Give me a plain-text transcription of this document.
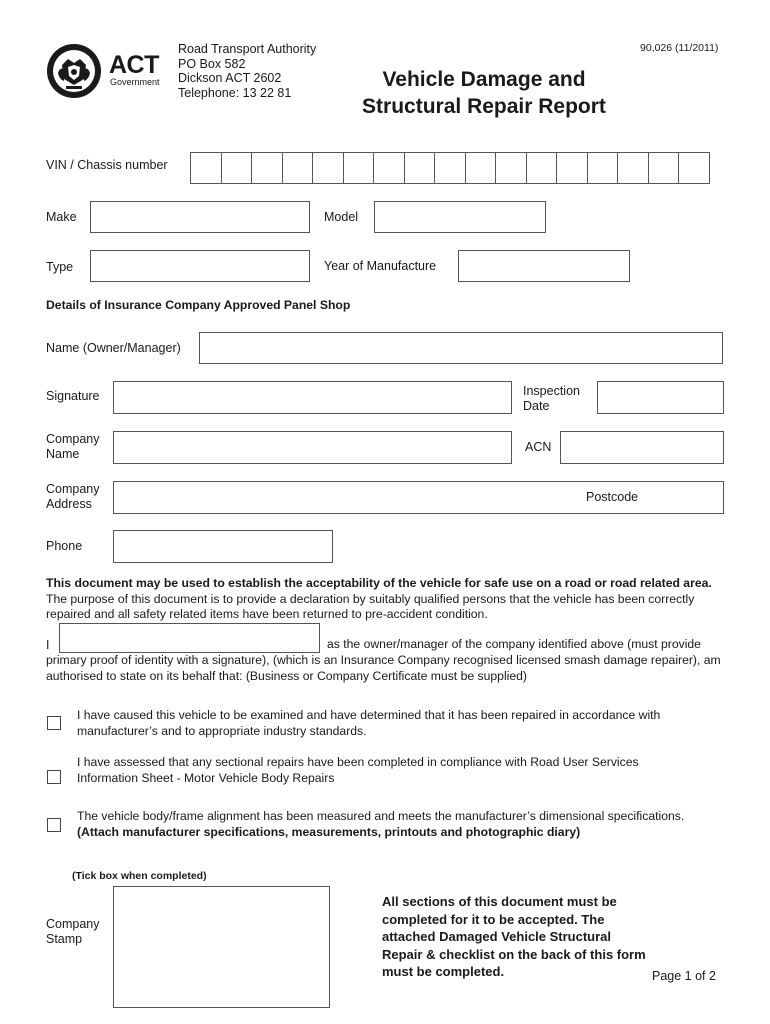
ACT
Government
Road Transport Authority
PO Box 582
Dickson ACT 2602
Telephone: 13 22 81
90,026 (11/2011)
Vehicle Damage and
Structural Repair Report
VIN / Chassis number
Make	Model
Type	Year of Manufacture
Details of Insurance Company Approved Panel Shop
Name (Owner/Manager)
Signature	Inspection
Date
Company
Name	ACN
Company
Address	Postcode
Phone
This document may be used to establish the acceptability of the vehicle for safe use on a road or road related area. The purpose of this document is to provide a declaration by suitably qualified persons that the vehicle has been correctly repaired and all safety related items have been returned to pre-accident condition.
I	as the owner/manager of the company identified above (must provide
primary proof of identity with a signature), (which is an Insurance Company recognised licensed smash damage repairer), am authorised to state on its behalf that: (Business or Company Certificate must be supplied)
I have caused this vehicle to be examined and have determined that it has been repaired in accordance with manufacturer’s and to appropriate industry standards.
I have assessed that any sectional repairs have been completed in compliance with Road User Services Information Sheet - Motor Vehicle Body Repairs
The vehicle body/frame alignment has been measured and meets the manufacturer’s dimensional specifications.
(Attach manufacturer specifications, measurements, printouts and photographic diary)
(Tick box when completed)
Company
Stamp
All sections of this document must be completed for it to be accepted. The attached Damaged Vehicle Structural Repair & checklist on the back of this form must be completed.	Page 1 of 2
